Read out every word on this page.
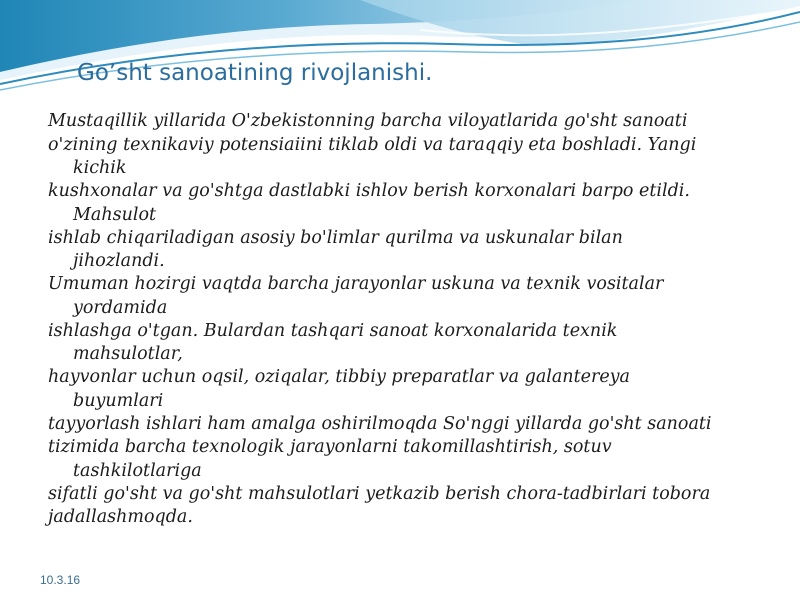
Go’sht sanoatining rivojlanishi.
Mustaqillik yillarida O'zbekistonning barcha viloyatlarida go'sht sanoati
o'zining texnikaviy potensiaiini tiklab oldi va taraqqiy eta boshladi. Yangi
kichik
kushxonalar va go'shtga dastlabki ishlov berish korxonalari barpo etildi.
Mahsulot
ishlab chiqariladigan asosiy bo'limlar qurilma va uskunalar bilan
jihozlandi.
Umuman hozirgi vaqtda barcha jarayonlar uskuna va texnik vositalar
yordamida
ishlashga o'tgan. Bulardan tashqari sanoat korxonalarida texnik
mahsulotlar,
hayvonlar uchun oqsil, oziqalar, tibbiy preparatlar va galantereya
buyumlari
tayyorlash ishlari ham amalga oshirilmoqda So'nggi yillarda go'sht sanoati
tizimida barcha texnologik jarayonlarni takomillashtirish, sotuv
tashkilotlariga
sifatli go'sht va go'sht mahsulotlari yetkazib berish chora-tadbirlari tobora
jadallashmoqda.
10.3.16
